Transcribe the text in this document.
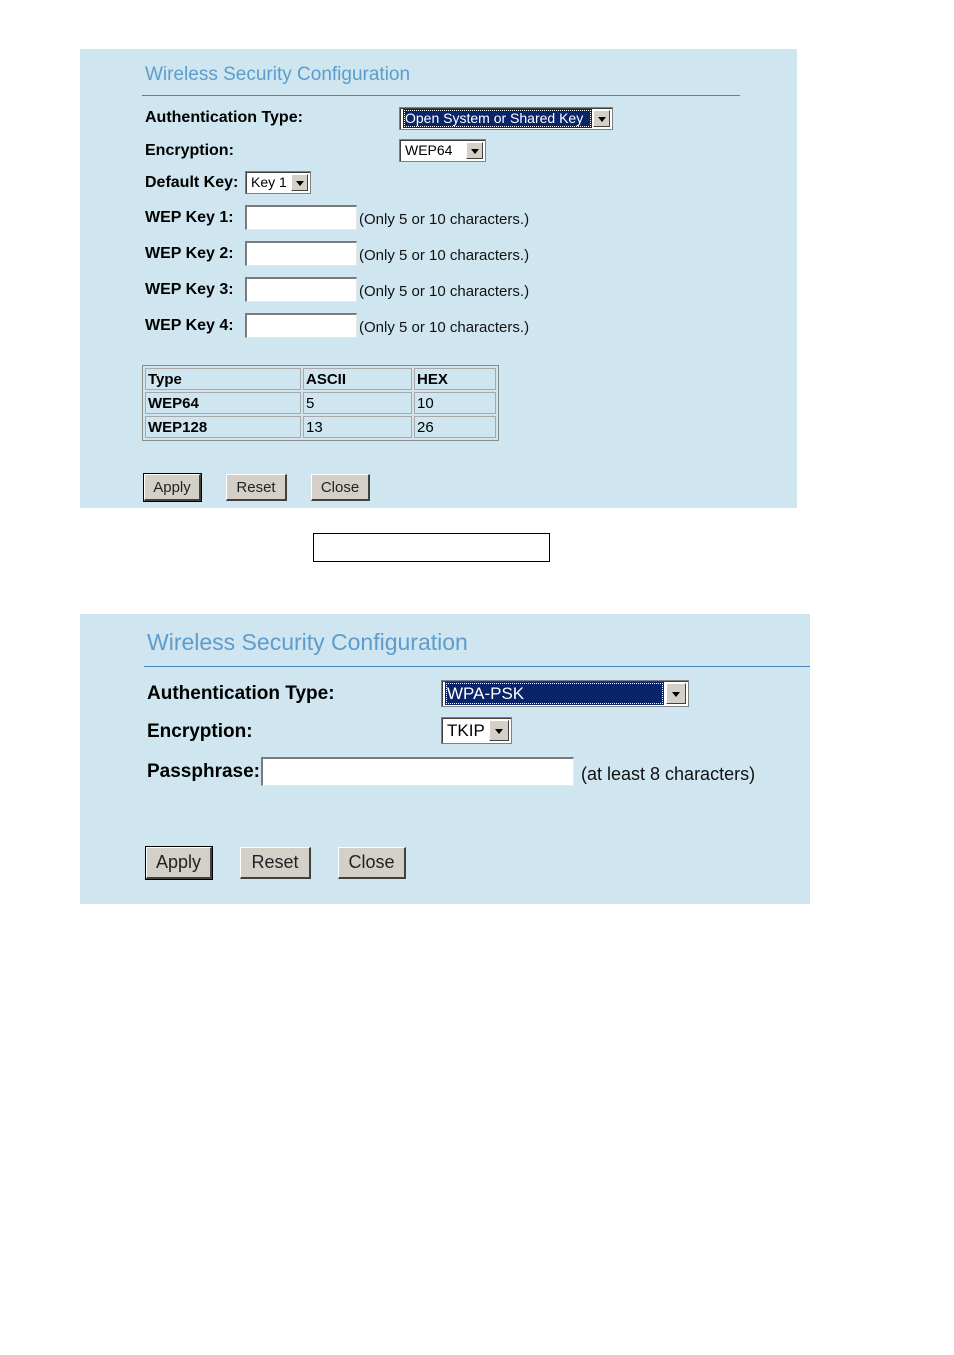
Wireless Security Configuration
Authentication Type:	Open System or Shared Key
Encryption:	WEP64
Default Key: Key 1
WEP Key 1:	(Only 5 or 10 characters.)
WEP Key 2:	(Only 5 or 10 characters.)
WEP Key 3:	(Only 5 or 10 characters.)
WEP Key 4:	(Only 5 or 10 characters.)
Type	ASCII	HEX
WEP64	5	10
WEP128	13	26
Apply	Reset	Close
Wireless Security Configuration
Authentication Type:	WPA-PSK
Encryption:	TKIP
Passphrase:	(at least 8 characters)
Apply	Reset	Close
